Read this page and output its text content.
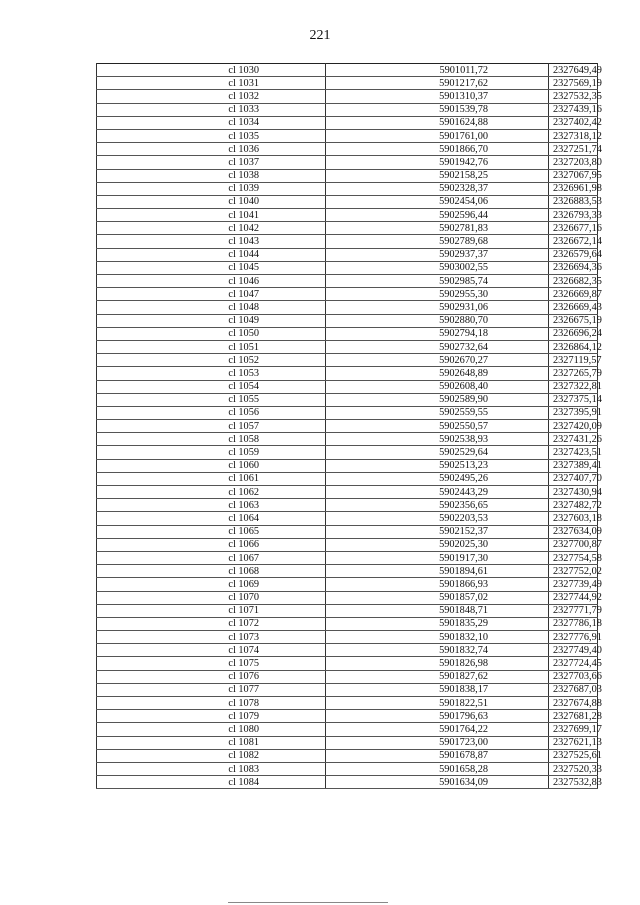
221
cl 1030	5901011,72	2327649,49
cl 1031	5901217,62	2327569,19
cl 1032	5901310,37	2327532,35
cl 1033	5901539,78	2327439,16
cl 1034	5901624,88	2327402,42
cl 1035	5901761,00	2327318,12
cl 1036	5901866,70	2327251,74
cl 1037	5901942,76	2327203,80
cl 1038	5902158,25	2327067,95
cl 1039	5902328,37	2326961,98
cl 1040	5902454,06	2326883,53
cl 1041	5902596,44	2326793,33
cl 1042	5902781,83	2326677,16
cl 1043	5902789,68	2326672,14
cl 1044	5902937,37	2326579,64
cl 1045	5903002,55	2326694,36
cl 1046	5902985,74	2326682,35
cl 1047	5902955,30	2326669,87
cl 1048	5902931,06	2326669,43
cl 1049	5902880,70	2326675,19
cl 1050	5902794,18	2326696,24
cl 1051	5902732,64	2326864,12
cl 1052	5902670,27	2327119,57
cl 1053	5902648,89	2327265,79
cl 1054	5902608,40	2327322,81
cl 1055	5902589,90	2327375,14
cl 1056	5902559,55	2327395,91
cl 1057	5902550,57	2327420,09
cl 1058	5902538,93	2327431,26
cl 1059	5902529,64	2327423,51
cl 1060	5902513,23	2327389,41
cl 1061	5902495,26	2327407,70
cl 1062	5902443,29	2327430,94
cl 1063	5902356,65	2327482,72
cl 1064	5902203,53	2327603,18
cl 1065	5902152,37	2327634,09
cl 1066	5902025,30	2327700,87
cl 1067	5901917,30	2327754,58
cl 1068	5901894,61	2327752,02
cl 1069	5901866,93	2327739,49
cl 1070	5901857,02	2327744,92
cl 1071	5901848,71	2327771,79
cl 1072	5901835,29	2327786,18
cl 1073	5901832,10	2327776,91
cl 1074	5901832,74	2327749,40
cl 1075	5901826,98	2327724,45
cl 1076	5901827,62	2327703,66
cl 1077	5901838,17	2327687,03
cl 1078	5901822,51	2327674,88
cl 1079	5901796,63	2327681,28
cl 1080	5901764,22	2327699,17
cl 1081	5901723,00	2327621,13
cl 1082	5901678,87	2327525,61
cl 1083	5901658,28	2327520,33
cl 1084	5901634,09	2327532,83
